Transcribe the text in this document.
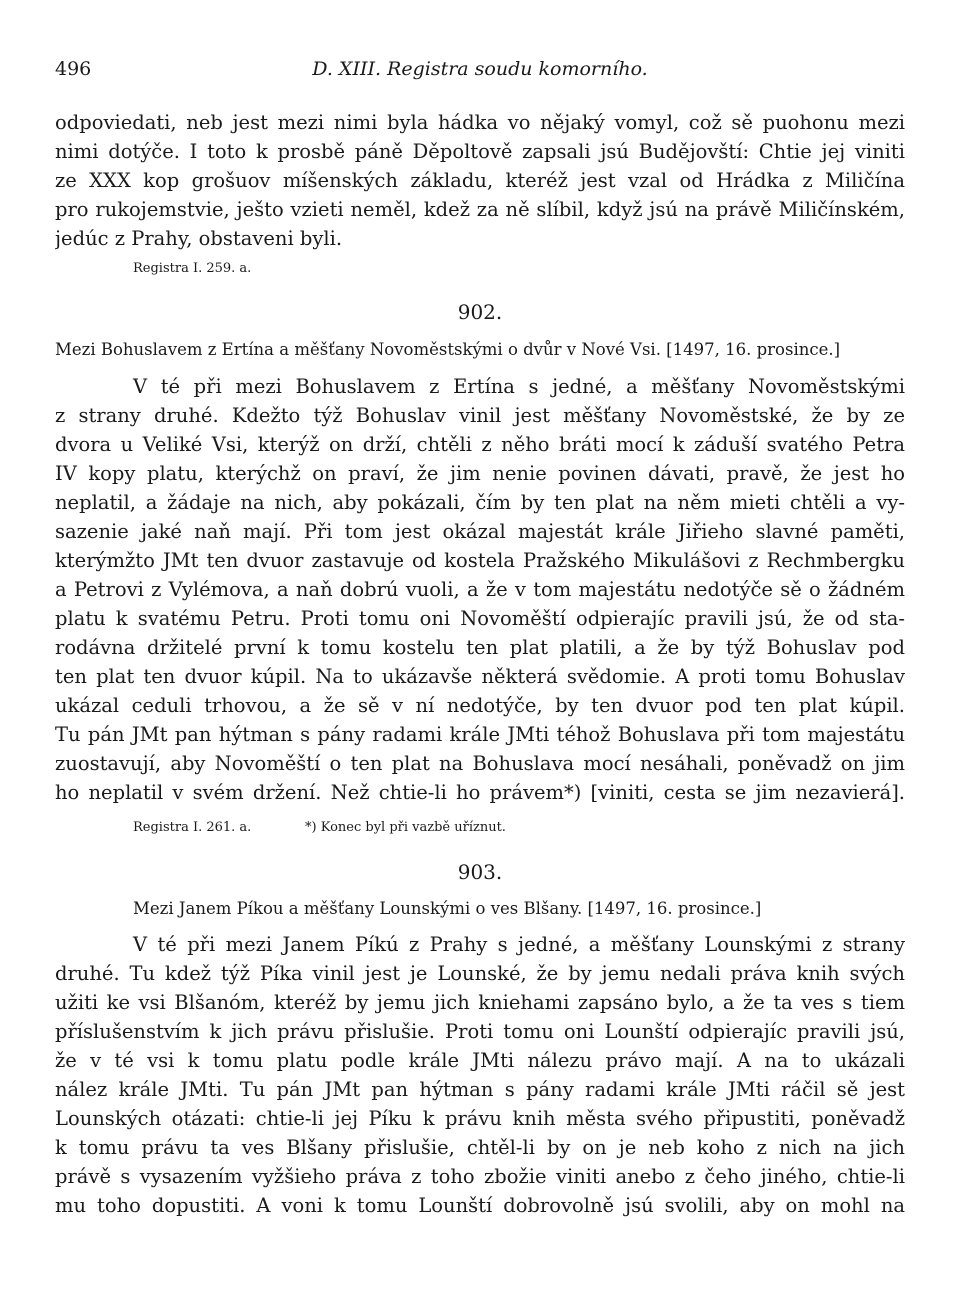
496	D. XIII. Registra soudu komorního.
odpoviedati, neb jest mezi nimi byla hádka vo nějaký vomyl, což sě puohonu mezi
nimi dotýče. I toto k prosbě páně Děpoltově zapsali jsú Budějovští: Chtie jej viniti
ze XXX kop grošuov míšenských základu, kteréž jest vzal od Hrádka z Miličína
pro rukojemstvie, ješto vzieti neměl, kdež za ně slíbil, když jsú na právě Miličínském,
jedúc z Prahy, obstaveni byli.
Registra I. 259. a.
902.
Mezi Bohuslavem z Ertína a měšťany Novoměstskými o dvůr v Nové Vsi. [1497, 16. prosince.]
V té při mezi Bohuslavem z Ertína s jedné, a měšťany Novoměstskými
z strany druhé. Kdežto týž Bohuslav vinil jest měšťany Novoměstské, že by ze
dvora u Veliké Vsi, kterýž on drží, chtěli z něho bráti mocí k záduší svatého Petra
IV kopy platu, kterýchž on praví, že jim nenie povinen dávati, pravě, že jest ho
neplatil, a žádaje na nich, aby pokázali, čím by ten plat na něm mieti chtěli a vy-
sazenie jaké naň mají. Při tom jest okázal majestát krále Jiřieho slavné paměti,
kterýmžto JMt ten dvuor zastavuje od kostela Pražského Mikulášovi z Rechmbergku
a Petrovi z Vylémova, a naň dobrú vuoli, a že v tom majestátu nedotýče sě o žádném
platu k svatému Petru. Proti tomu oni Novoměští odpierajíc pravili jsú, že od sta-
rodávna držitelé první k tomu kostelu ten plat platili, a že by týž Bohuslav pod
ten plat ten dvuor kúpil. Na to ukázavše některá svědomie. A proti tomu Bohuslav
ukázal ceduli trhovou, a že sě v ní nedotýče, by ten dvuor pod ten plat kúpil.
Tu pán JMt pan hýtman s pány radami krále JMti téhož Bohuslava při tom majestátu
zuostavují, aby Novoměští o ten plat na Bohuslava mocí nesáhali, poněvadž on jim
ho neplatil v svém držení. Než chtie-li ho právem*) [viniti, cesta se jim nezavierá].
Registra I. 261. a.	*) Konec byl při vazbě uříznut.
903.
Mezi Janem Píkou a měšťany Lounskými o ves Blšany. [1497, 16. prosince.]
V té při mezi Janem Píkú z Prahy s jedné, a měšťany Lounskými z strany
druhé. Tu kdež týž Píka vinil jest je Lounské, že by jemu nedali práva knih svých
užiti ke vsi Blšanóm, kteréž by jemu jich kniehami zapsáno bylo, a že ta ves s tiem
příslušenstvím k jich právu přislušie. Proti tomu oni Lounští odpierajíc pravili jsú,
že v té vsi k tomu platu podle krále JMti nálezu právo mají. A na to ukázali
nález krále JMti. Tu pán JMt pan hýtman s pány radami krále JMti ráčil sě jest
Lounských otázati: chtie-li jej Píku k právu knih města svého připustiti, poněvadž
k tomu právu ta ves Blšany přislušie, chtěl-li by on je neb koho z nich na jich
právě s vysazením vyžšieho práva z toho zbožie viniti anebo z čeho jiného, chtie-li
mu toho dopustiti. A voni k tomu Lounští dobrovolně jsú svolili, aby on mohl na
